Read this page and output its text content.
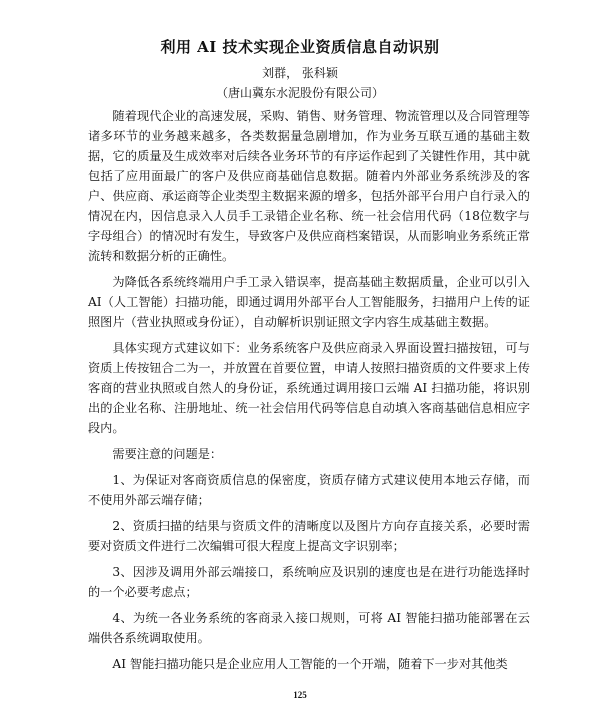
利用 AI 技术实现企业资质信息自动识别
刘群， 张科颖
（唐山冀东水泥股份有限公司）

随着现代企业的高速发展，采购、销售、财务管理、物流管理以及合同管理等诸多环节的业务越来越多，各类数据量急剧增加，作为业务互联互通的基础主数据，它的质量及生成效率对后续各业务环节的有序运作起到了关键性作用，其中就包括了应用面最广的客户及供应商基础信息数据。随着内外部业务系统涉及的客户、供应商、承运商等企业类型主数据来源的增多，包括外部平台用户自行录入的情况在内，因信息录入人员手工录错企业名称、统一社会信用代码（18位数字与字母组合）的情况时有发生，导致客户及供应商档案错误，从而影响业务系统正常流转和数据分析的正确性。

为降低各系统终端用户手工录入错误率，提高基础主数据质量，企业可以引入 AI（人工智能）扫描功能，即通过调用外部平台人工智能服务，扫描用户上传的证照图片（营业执照或身份证），自动解析识别证照文字内容生成基础主数据。

具体实现方式建议如下：业务系统客户及供应商录入界面设置扫描按钮，可与资质上传按钮合二为一，并放置在首要位置，申请人按照扫描资质的文件要求上传客商的营业执照或自然人的身份证，系统通过调用接口云端 AI 扫描功能，将识别出的企业名称、注册地址、统一社会信用代码等信息自动填入客商基础信息相应字段内。

需要注意的问题是：

1、为保证对客商资质信息的保密度，资质存储方式建议使用本地云存储，而不使用外部云端存储；

2、资质扫描的结果与资质文件的清晰度以及图片方向存直接关系，必要时需要对资质文件进行二次编辑可很大程度上提高文字识别率；

3、因涉及调用外部云端接口，系统响应及识别的速度也是在进行功能选择时的一个必要考虑点；

4、为统一各业务系统的客商录入接口规则，可将 AI 智能扫描功能部署在云端供各系统调取使用。

AI 智能扫描功能只是企业应用人工智能的一个开端，随着下一步对其他类

125
